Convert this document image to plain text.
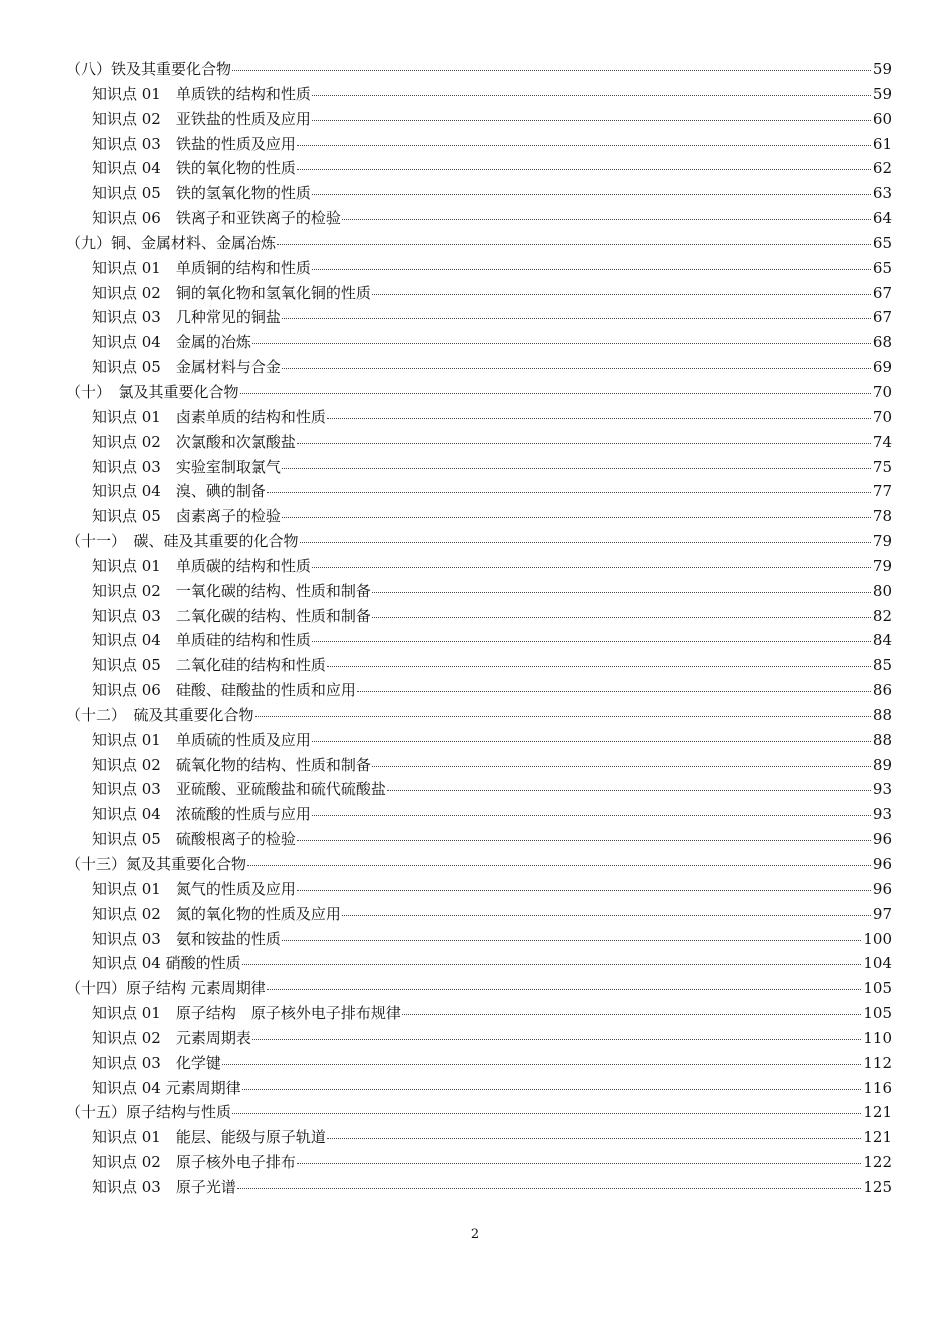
（八）铁及其重要化合物	59
知识点 01　单质铁的结构和性质	59
知识点 02　亚铁盐的性质及应用	60
知识点 03　铁盐的性质及应用	61
知识点 04　铁的氧化物的性质	62
知识点 05　铁的氢氧化物的性质	63
知识点 06　铁离子和亚铁离子的检验	64
（九）铜、金属材料、金属冶炼	65
知识点 01　单质铜的结构和性质	65
知识点 02　铜的氧化物和氢氧化铜的性质	67
知识点 03　几种常见的铜盐	67
知识点 04　金属的冶炼	68
知识点 05　金属材料与合金	69
（十）　氯及其重要化合物	70
知识点 01　卤素单质的结构和性质	70
知识点 02　次氯酸和次氯酸盐	74
知识点 03　实验室制取氯气	75
知识点 04　溴、碘的制备	77
知识点 05　卤素离子的检验	78
（十一）　碳、硅及其重要的化合物	79
知识点 01　单质碳的结构和性质	79
知识点 02　一氧化碳的结构、性质和制备	80
知识点 03　二氧化碳的结构、性质和制备	82
知识点 04　单质硅的结构和性质	84
知识点 05　二氧化硅的结构和性质	85
知识点 06　硅酸、硅酸盐的性质和应用	86
（十二）　硫及其重要化合物	88
知识点 01　单质硫的性质及应用	88
知识点 02　硫氧化物的结构、性质和制备	89
知识点 03　亚硫酸、亚硫酸盐和硫代硫酸盐	93
知识点 04　浓硫酸的性质与应用	93
知识点 05　硫酸根离子的检验	96
（十三）氮及其重要化合物	96
知识点 01　氮气的性质及应用	96
知识点 02　氮的氧化物的性质及应用	97
知识点 03　氨和铵盐的性质	100
知识点 04 硝酸的性质	104
（十四）原子结构 元素周期律	105
知识点 01　原子结构　原子核外电子排布规律	105
知识点 02　元素周期表	110
知识点 03　化学键	112
知识点 04 元素周期律	116
（十五）原子结构与性质	121
知识点 01　能层、能级与原子轨道	121
知识点 02　原子核外电子排布	122
知识点 03　原子光谱	125
2
